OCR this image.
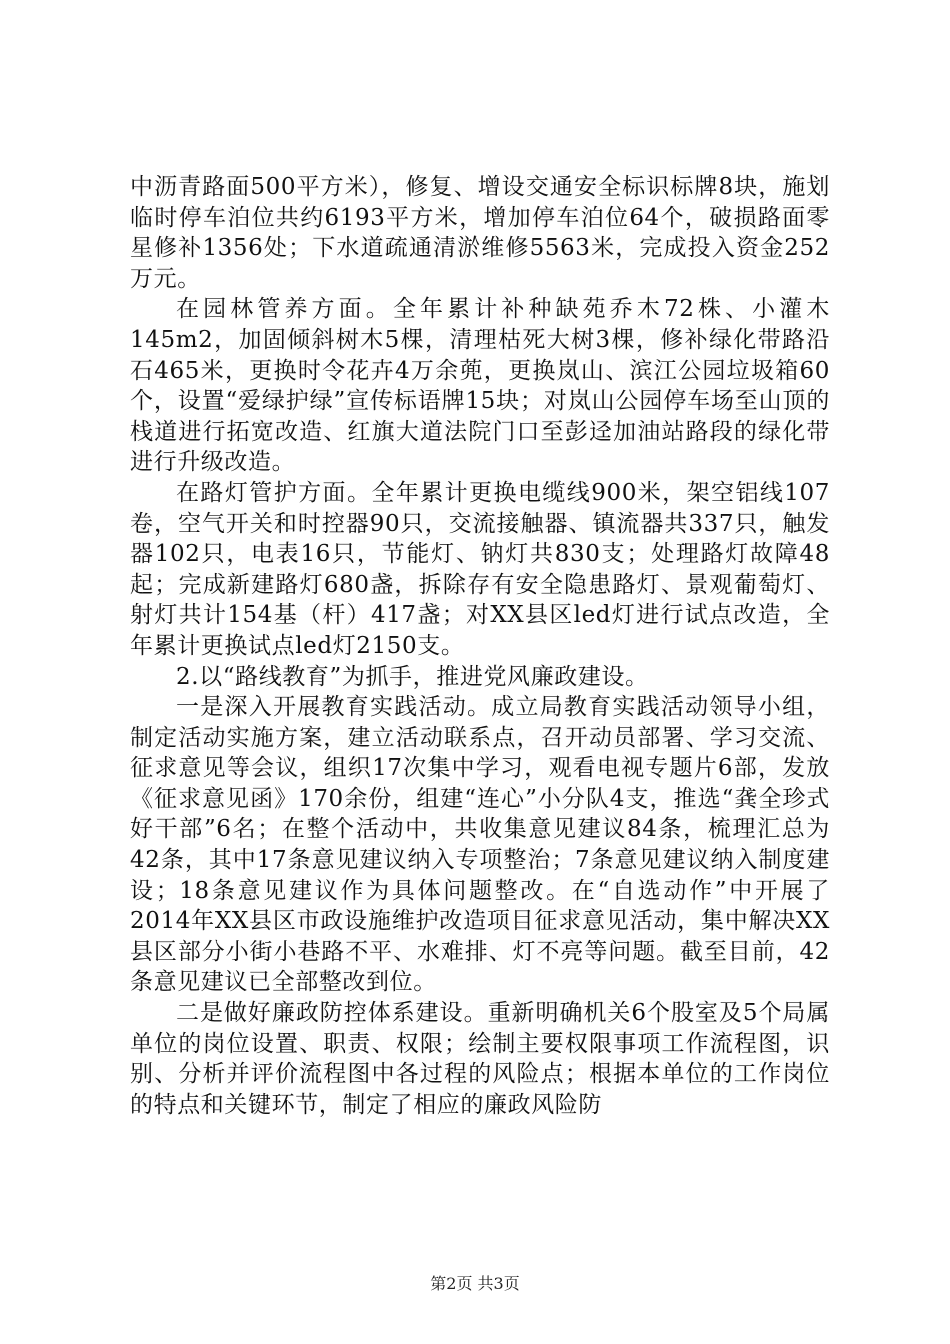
中沥青路面500平方米），修复、增设交通安全标识标牌8块，施划临时停车泊位共约6193平方米，增加停车泊位64个，破损路面零星修补1356处；下水道疏通清淤维修5563米，完成投入资金252万元。

在园林管养方面。全年累计补种缺苑乔木72株、小灌木145m2，加固倾斜树木5棵，清理枯死大树3棵，修补绿化带路沿石465米，更换时令花卉4万余蔸，更换岚山、滨江公园垃圾箱60个，设置“爱绿护绿”宣传标语牌15块；对岚山公园停车场至山顶的栈道进行拓宽改造、红旗大道法院门口至彭迳加油站路段的绿化带进行升级改造。

在路灯管护方面。全年累计更换电缆线900米，架空铝线107卷，空气开关和时控器90只，交流接触器、镇流器共337只，触发器102只，电表16只，节能灯、钠灯共830支；处理路灯故障48起；完成新建路灯680盏，拆除存有安全隐患路灯、景观葡萄灯、射灯共计154基（杆）417盏；对XX县区led灯进行试点改造，全年累计更换试点led灯2150支。

2.以“路线教育”为抓手，推进党风廉政建设。

一是深入开展教育实践活动。成立局教育实践活动领导小组，制定活动实施方案，建立活动联系点，召开动员部署、学习交流、征求意见等会议，组织17次集中学习，观看电视专题片6部，发放《征求意见函》170余份，组建“连心”小分队4支，推选“龚全珍式好干部”6名；在整个活动中，共收集意见建议84条，梳理汇总为42条，其中17条意见建议纳入专项整治；7条意见建议纳入制度建设；18条意见建议作为具体问题整改。在“自选动作”中开展了2014年XX县区市政设施维护改造项目征求意见活动，集中解决XX县区部分小街小巷路不平、水难排、灯不亮等问题。截至目前，42条意见建议已全部整改到位。

二是做好廉政防控体系建设。重新明确机关6个股室及5个局属单位的岗位设置、职责、权限；绘制主要权限事项工作流程图，识别、分析并评价流程图中各过程的风险点；根据本单位的工作岗位的特点和关键环节，制定了相应的廉政风险防

第2页 共3页
